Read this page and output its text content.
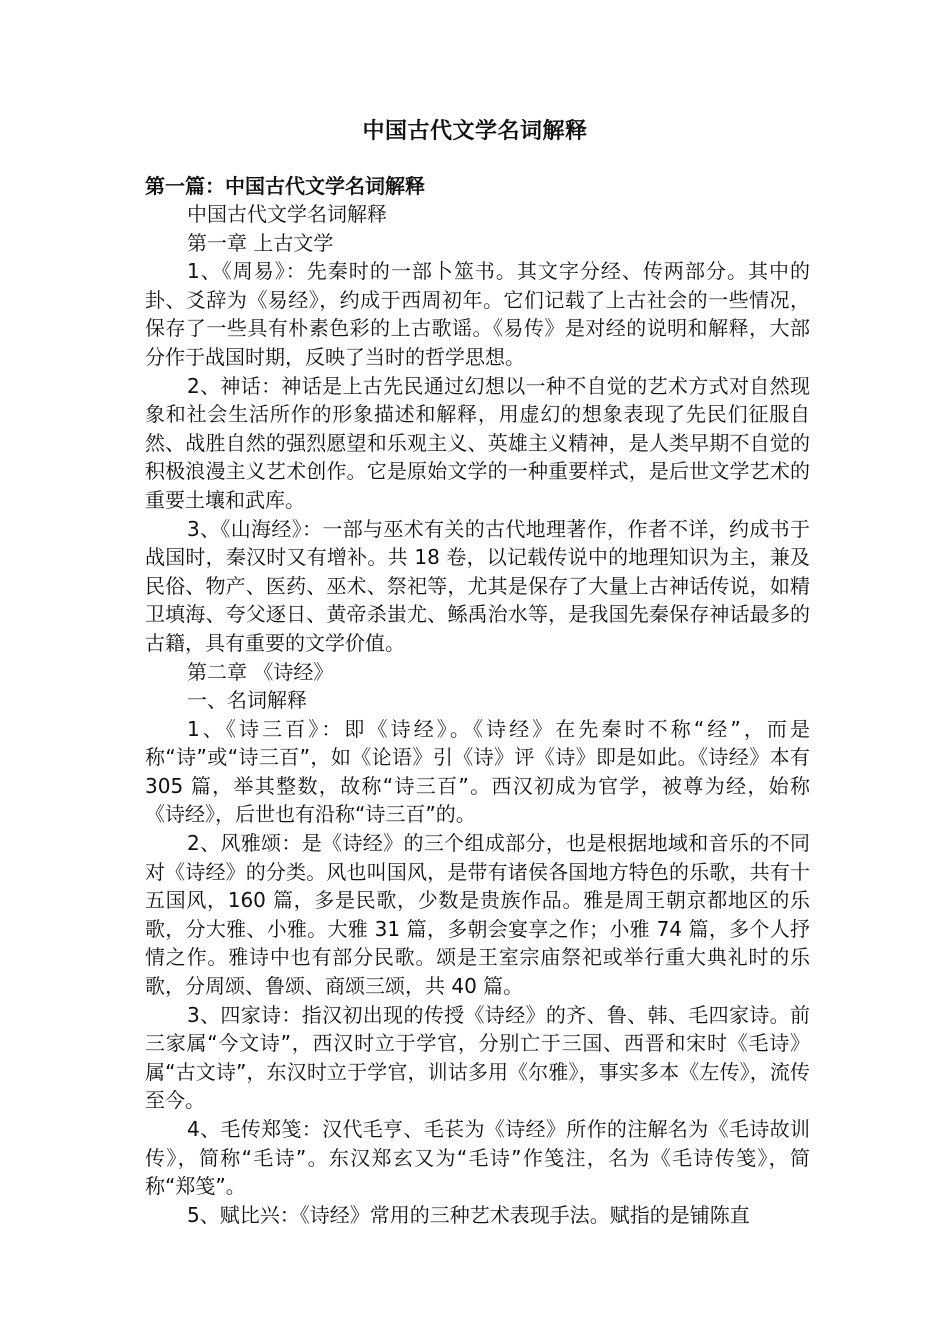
中国古代文学名词解释
第一篇：中国古代文学名词解释

中国古代文学名词解释

第一章 上古文学

1、《周易》：先秦时的一部卜筮书。其文字分经、传两部分。其中的卦、爻辞为《易经》，约成于西周初年。它们记载了上古社会的一些情况，保存了一些具有朴素色彩的上古歌谣。《易传》是对经的说明和解释，大部分作于战国时期，反映了当时的哲学思想。

2、神话：神话是上古先民通过幻想以一种不自觉的艺术方式对自然现象和社会生活所作的形象描述和解释，用虚幻的想象表现了先民们征服自然、战胜自然的强烈愿望和乐观主义、英雄主义精神，是人类早期不自觉的积极浪漫主义艺术创作。它是原始文学的一种重要样式，是后世文学艺术的重要土壤和武库。

3、《山海经》：一部与巫术有关的古代地理著作，作者不详，约成书于战国时，秦汉时又有增补。共 18 卷，以记载传说中的地理知识为主，兼及民俗、物产、医药、巫术、祭祀等，尤其是保存了大量上古神话传说，如精卫填海、夸父逐日、黄帝杀蚩尤、鲧禹治水等，是我国先秦保存神话最多的古籍，具有重要的文学价值。

第二章 《诗经》

一、名词解释

1、《诗三百》：即《诗经》。《诗经》在先秦时不称“经”，而是称“诗”或“诗三百”，如《论语》引《诗》评《诗》即是如此。《诗经》本有 305 篇，举其整数，故称“诗三百”。西汉初成为官学，被尊为经，始称《诗经》，后世也有沿称“诗三百”的。

2、风雅颂：是《诗经》的三个组成部分，也是根据地域和音乐的不同对《诗经》的分类。风也叫国风，是带有诸侯各国地方特色的乐歌，共有十五国风，160 篇，多是民歌，少数是贵族作品。雅是周王朝京都地区的乐歌，分大雅、小雅。大雅 31 篇，多朝会宴享之作；小雅 74 篇，多个人抒情之作。雅诗中也有部分民歌。颂是王室宗庙祭祀或举行重大典礼时的乐歌，分周颂、鲁颂、商颂三颂，共 40 篇。

3、四家诗：指汉初出现的传授《诗经》的齐、鲁、韩、毛四家诗。前三家属“今文诗”，西汉时立于学官，分别亡于三国、西晋和宋时《毛诗》属“古文诗”，东汉时立于学官，训诂多用《尔雅》，事实多本《左传》，流传至今。

4、毛传郑笺：汉代毛亨、毛苌为《诗经》所作的注解名为《毛诗故训传》，简称“毛诗”。东汉郑玄又为“毛诗”作笺注，名为《毛诗传笺》，简称“郑笺”。

5、赋比兴：《诗经》常用的三种艺术表现手法。赋指的是铺陈直
